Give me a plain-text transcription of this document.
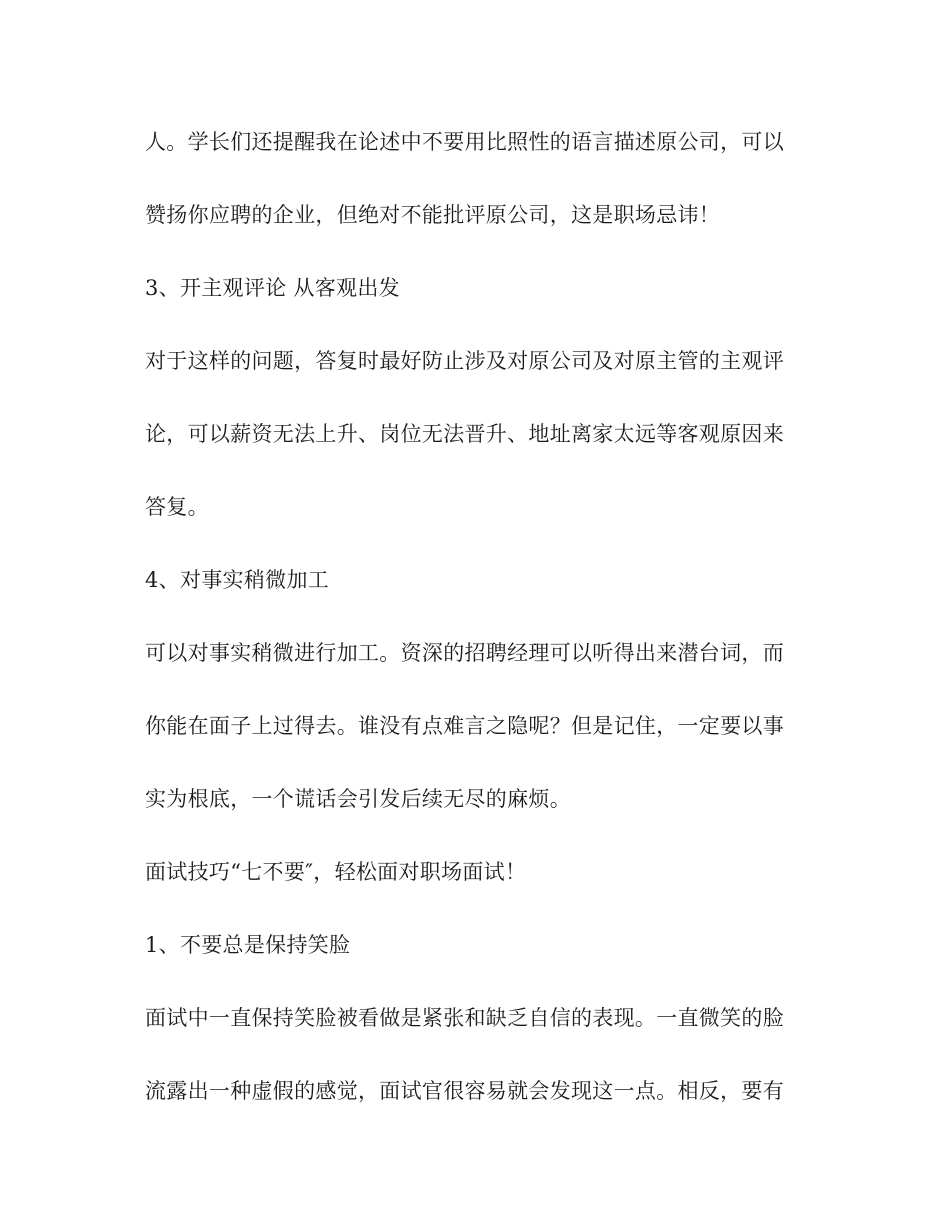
人。学长们还提醒我在论述中不要用比照性的语言描述原公司，可以

赞扬你应聘的企业，但绝对不能批评原公司，这是职场忌讳！

3、开主观评论 从客观出发

对于这样的问题，答复时最好防止涉及对原公司及对原主管的主观评

论，可以薪资无法上升、岗位无法晋升、地址离家太远等客观原因来

答复。

4、对事实稍微加工

可以对事实稍微进行加工。资深的招聘经理可以听得出来潜台词，而

你能在面子上过得去。谁没有点难言之隐呢？但是记住，一定要以事

实为根底，一个谎话会引发后续无尽的麻烦。

面试技巧“七不要″，轻松面对职场面试！

1、不要总是保持笑脸

面试中一直保持笑脸被看做是紧张和缺乏自信的表现。一直微笑的脸

流露出一种虚假的感觉，面试官很容易就会发现这一点。相反，要有
